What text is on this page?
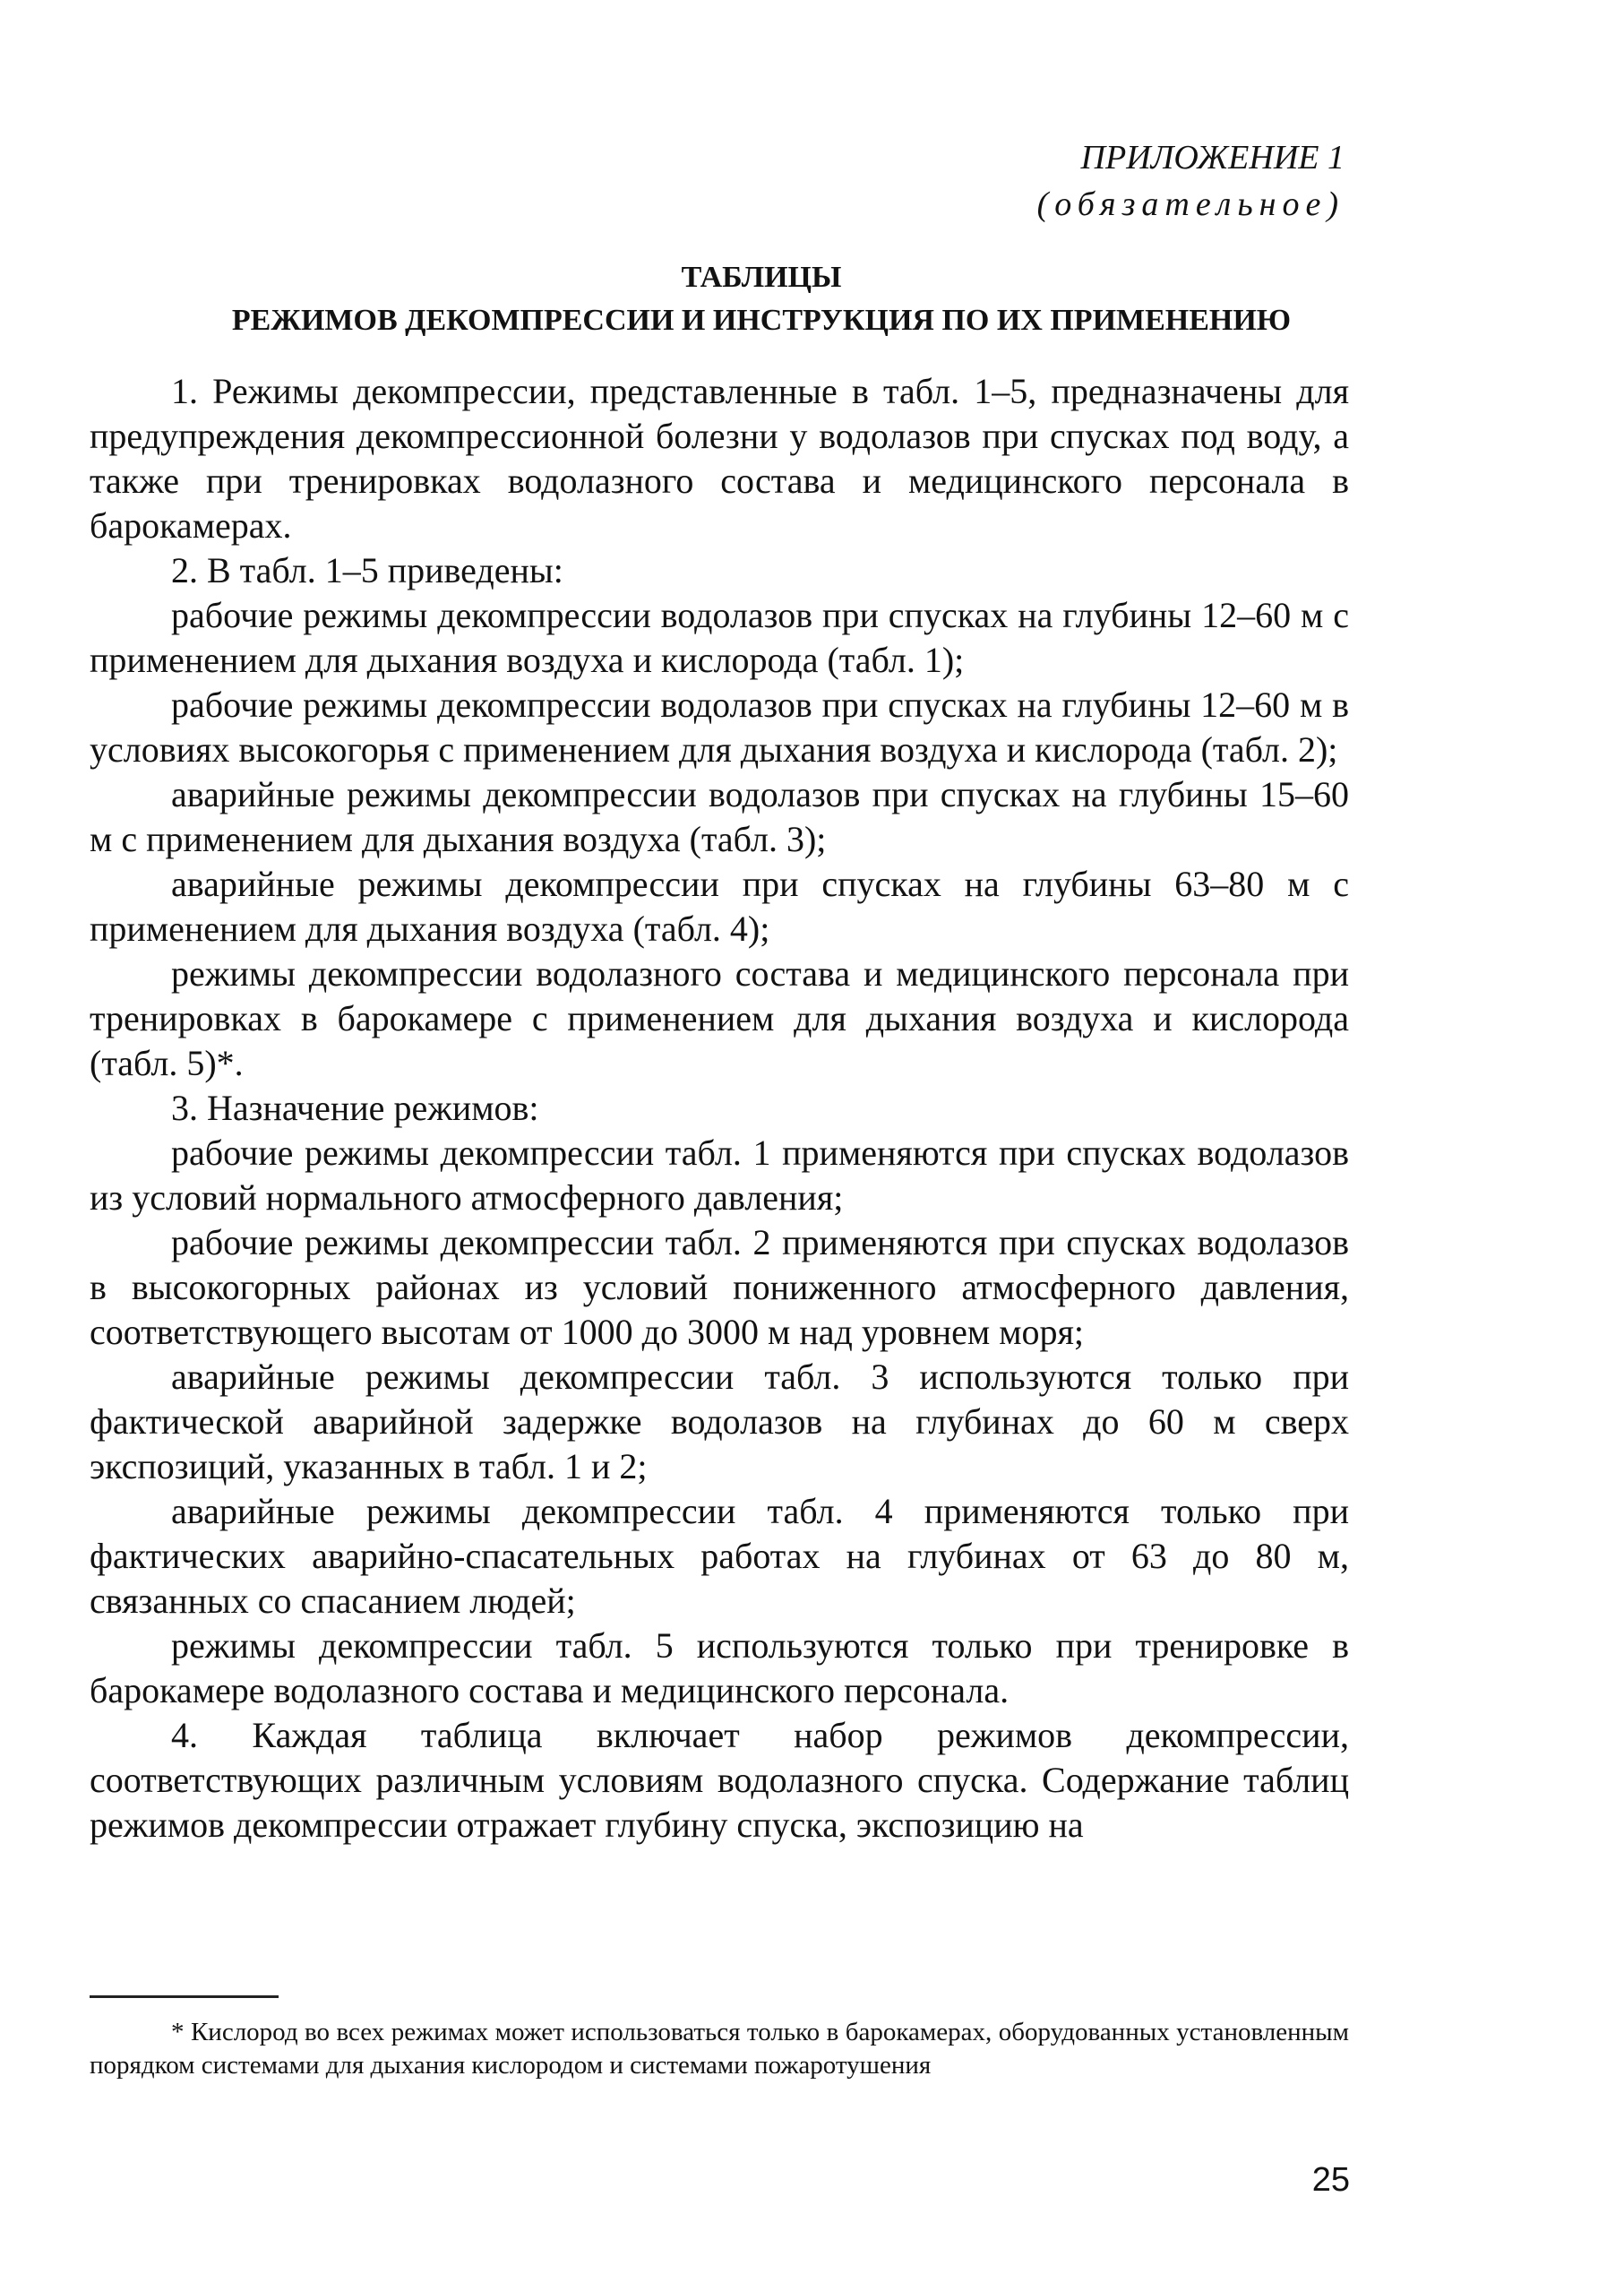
ПРИЛОЖЕНИЕ 1
(обязательное)
ТАБЛИЦЫ
РЕЖИМОВ ДЕКОМПРЕССИИ И ИНСТРУКЦИЯ ПО ИХ ПРИМЕНЕНИЮ

1. Режимы декомпрессии, представленные в табл. 1–5, предназначены для предупреждения декомпрессионной болезни у водолазов при спусках под воду, а также при тренировках водолазного состава и медицинского персонала в барокамерах.

2. В табл. 1–5 приведены:

рабочие режимы декомпрессии водолазов при спусках на глубины 12–60 м с применением для дыхания воздуха и кислорода (табл. 1);

рабочие режимы декомпрессии водолазов при спусках на глубины 12–60 м в условиях высокогорья с применением для дыхания воздуха и кислорода (табл. 2);

аварийные режимы декомпрессии водолазов при спусках на глубины 15–60 м с применением для дыхания воздуха (табл. 3);

аварийные режимы декомпрессии при спусках на глубины 63–80 м с применением для дыхания воздуха (табл. 4);

режимы декомпрессии водолазного состава и медицинского персонала при тренировках в барокамере с применением для дыхания воздуха и кислорода (табл. 5)*.

3. Назначение режимов:

рабочие режимы декомпрессии табл. 1 применяются при спусках водолазов из условий нормального атмосферного давления;

рабочие режимы декомпрессии табл. 2 применяются при спусках водолазов в высокогорных районах из условий пониженного атмосферного давления, соответствующего высотам от 1000 до 3000 м над уровнем моря;

аварийные режимы декомпрессии табл. 3 используются только при фактической аварийной задержке водолазов на глубинах до 60 м сверх экспозиций, указанных в табл. 1 и 2;

аварийные режимы декомпрессии табл. 4 применяются только при фактических аварийно-спасательных работах на глубинах от 63 до 80 м, связанных со спасанием людей;

режимы декомпрессии табл. 5 используются только при тренировке в барокамере водолазного состава и медицинского персонала.

4. Каждая таблица включает набор режимов декомпрессии, соответствующих различным условиям водолазного спуска. Содержание таблиц режимов декомпрессии отражает глубину спуска, экспозицию на

* Кислород во всех режимах может использоваться только в барокамерах, оборудованных установленным порядком системами для дыхания кислородом и системами пожаротушения
25
